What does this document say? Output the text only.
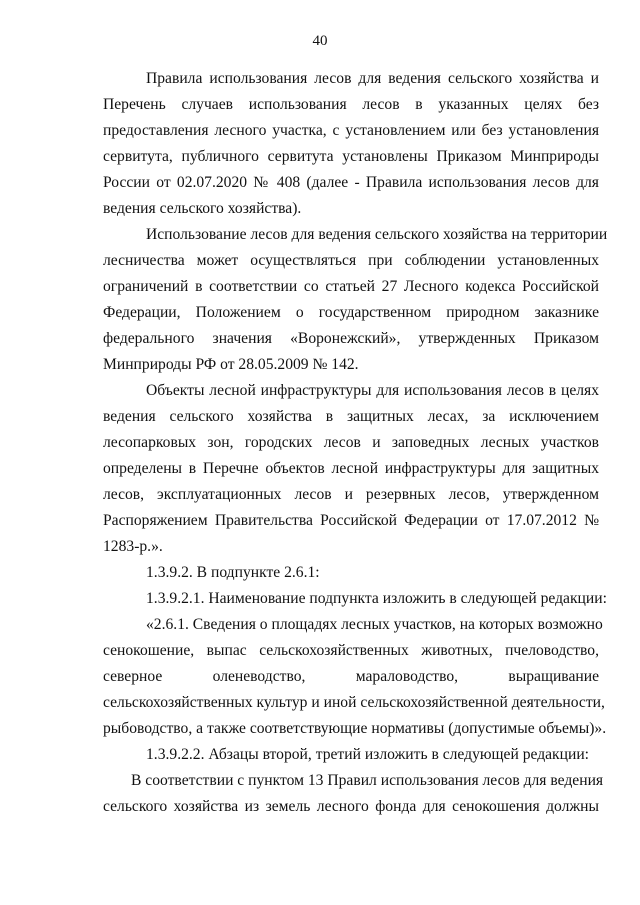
40
Правила использования лесов для ведения сельского хозяйства и
Перечень случаев использования лесов в указанных целях без
предоставления лесного участка, с установлением или без установления
сервитута, публичного сервитута установлены Приказом Минприроды
России от 02.07.2020 № 408 (далее - Правила использования лесов для
ведения сельского хозяйства).
Использование лесов для ведения сельского хозяйства на территории
лесничества может осуществляться при соблюдении установленных
ограничений в соответствии со статьей 27 Лесного кодекса Российской
Федерации, Положением о государственном природном заказнике
федерального значения «Воронежский», утвержденных Приказом
Минприроды РФ от 28.05.2009 № 142.
Объекты лесной инфраструктуры для использования лесов в целях
ведения сельского хозяйства в защитных лесах, за исключением
лесопарковых зон, городских лесов и заповедных лесных участков
определены в Перечне объектов лесной инфраструктуры для защитных
лесов, эксплуатационных лесов и резервных лесов, утвержденном
Распоряжением Правительства Российской Федерации от 17.07.2012 №
1283-р.».
1.3.9.2. В подпункте 2.6.1:
1.3.9.2.1. Наименование подпункта изложить в следующей редакции:
«2.6.1. Сведения о площадях лесных участков, на которых возможно
сенокошение, выпас сельскохозяйственных животных, пчеловодство,
северное оленеводство, мараловодство, выращивание
сельскохозяйственных культур и иной сельскохозяйственной деятельности,
рыбоводство, а также соответствующие нормативы (допустимые объемы)».
1.3.9.2.2. Абзацы второй, третий изложить в следующей редакции:
В соответствии с пунктом 13 Правил использования лесов для ведения
сельского хозяйства из земель лесного фонда для сенокошения должны
